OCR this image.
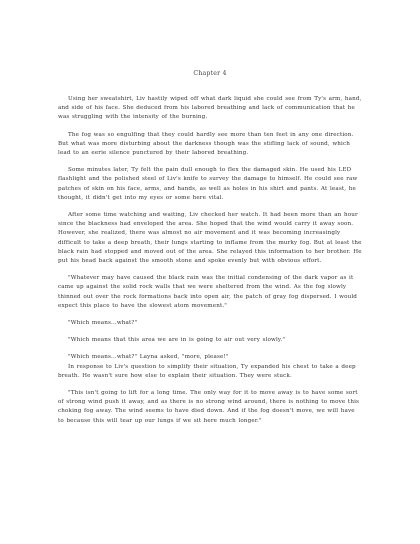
Chapter 4

Using her sweatshirt, Liv hastily wiped off what dark liquid she could see from Ty's arm, hand, and side of his face. She deduced from his labored breathing and lack of communication that he was struggling with the intensity of the burning.

The fog was so engulfing that they could hardly see more than ten feet in any one direction. But what was more disturbing about the darkness though was the stifling lack of sound, which lead to an eerie silence punctured by their labored breathing.

Some minutes later, Ty felt the pain dull enough to flex the damaged skin. He used his LED flashlight and the polished steel of Liv's knife to survey the damage to himself. He could see raw patches of skin on his face, arms, and hands, as well as holes in his shirt and pants. At least, he thought, it didn't get into my eyes or some here vital.

After some time watching and waiting, Liv checked her watch. It had been more than an hour since the blackness had enveloped the area. She hoped that the wind would carry it away soon. However, she realized, there was almost no air movement and it was becoming increasingly difficult to take a deep breath, their lungs starting to inflame from the murky fog. But at least the black rain had stopped and moved out of the area. She relayed this information to her brother. He put his head back against the smooth stone and spoke evenly but with obvious effort.

"Whatever may have caused the black rain was the initial condensing of the dark vapor as it came up against the solid rock walls that we were sheltered from the wind. As the fog slowly thinned out over the rock formations back into open air, the patch of gray fog dispersed. I would expect this place to have the slowest atom movement."

"Which means...what?"

"Which means that this area we are in is going to air out very slowly."

"Which means...what?" Layna asked, "more, please!"

In response to Liv's question to simplify their situation, Ty expanded his chest to take a deep breath. He wasn't sure how else to explain their situation. They were stuck.

"This isn't going to lift for a long time. The only way for it to move away is to have some sort of strong wind push it away, and as there is no strong wind around, there is nothing to move this choking fog away. The wind seems to have died down. And if the fog doesn't move, we will have to because this will tear up our lungs if we sit here much longer."
